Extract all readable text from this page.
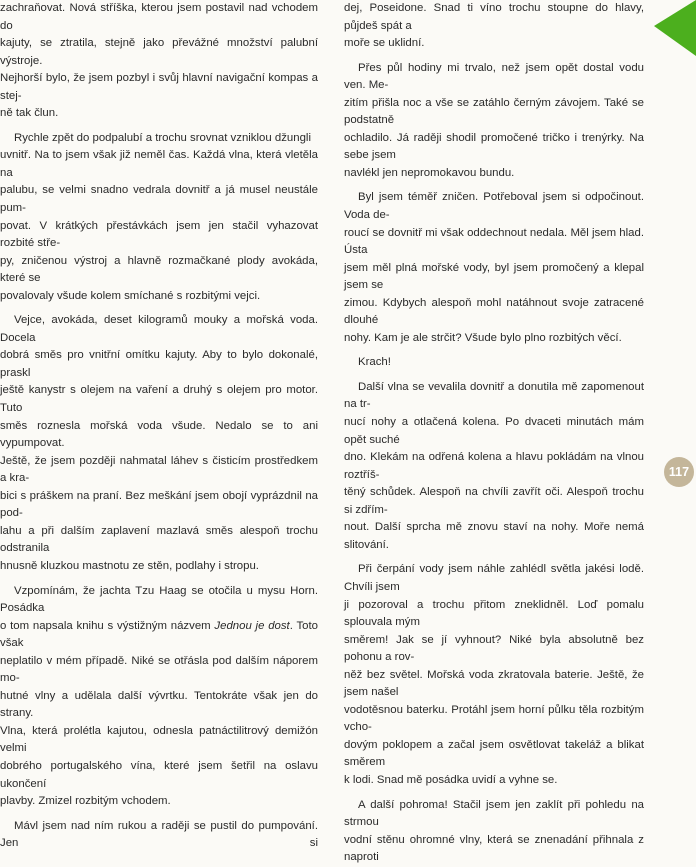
zachraňovat. Nová stříška, kterou jsem postavil nad vchodem do
kajuty, se ztratila, stejně jako převážné množství palubní výstroje.
Nejhorší bylo, že jsem pozbyl i svůj hlavní navigační kompas a stej-
ně tak člun.

Rychle zpět do podpalubí a trochu srovnat vzniklou džungli
uvnitř. Na to jsem však již neměl čas. Každá vlna, která vletěla na
palubu, se velmi snadno vedrala dovnitř a já musel neustále pum-
povat. V krátkých přestávkách jsem jen stačil vyhazovat rozbité stře-
py, zničenou výstroj a hlavně rozmačkané plody avokáda, které se
povalovaly všude kolem smíchané s rozbitými vejci.

Vejce, avokáda, deset kilogramů mouky a mořská voda. Docela
dobrá směs pro vnitřní omítku kajuty. Aby to bylo dokonalé, praskl
ještě kanystr s olejem na vaření a druhý s olejem pro motor. Tuto
směs roznesla mořská voda všude. Nedalo se to ani vypumpovat.
Ještě, že jsem později nahmatal láhev s čisticím prostředkem a kra-
bici s práškem na praní. Bez meškání jsem obojí vyprázdnil na pod-
lahu a při dalším zaplavení mazlavá směs alespoň trochu odstranila
hnusně kluzkou mastnotu ze stěn, podlahy i stropu.

Vzpomínám, že jachta Tzu Haag se otočila u mysu Horn. Posádka
o tom napsala knihu s výstižným názvem Jednou je dost. Toto však
neplatilo v mém případě. Niké se otřásla pod dalším náporem mo-
hutné vlny a udělala další vývrtku. Tentokráte však jen do strany.
Vlna, která prolétla kajutou, odnesla patnáctilitrový demižón velmi
dobrého portugalského vína, které jsem šetřil na oslavu ukončení
plavby. Zmizel rozbitým vchodem.

Mávl jsem nad ním rukou a raději se pustil do pumpování. Jen si

dej, Poseidone. Snad ti víno trochu stoupne do hlavy, půjdeš spát a
moře se uklidní.

Přes půl hodiny mi trvalo, než jsem opět dostal vodu ven. Me-
zitím přišla noc a vše se zatáhlo černým závojem. Také se podstatně
ochladilo. Já raději shodil promočené tričko i trenýrky. Na sebe jsem
navlékl jen nepromokavou bundu.

Byl jsem téměř zničen. Potřeboval jsem si odpočinout. Voda de-
roucí se dovnitř mi však oddechnout nedala. Měl jsem hlad. Ústa
jsem měl plná mořské vody, byl jsem promočený a klepal jsem se
zimou. Kdybych alespoň mohl natáhnout svoje zatracené dlouhé
nohy. Kam je ale strčit? Všude bylo plno rozbitých věcí.

Krach!

Další vlna se vevalila dovnitř a donutila mě zapomenout na tr-
nucí nohy a otlačená kolena. Po dvaceti minutách mám opět suché
dno. Klekám na odřená kolena a hlavu pokládám na vlnou roztříš-
těný schůdek. Alespoň na chvíli zavřít oči. Alespoň trochu si zdřím-
nout. Další sprcha mě znovu staví na nohy. Moře nemá slitování.

Při čerpání vody jsem náhle zahlédl světla jakési lodě. Chvíli jsem
ji pozoroval a trochu přitom zneklidněl. Loď pomalu splouvala mým
směrem! Jak se jí vyhnout? Niké byla absolutně bez pohonu a rov-
něž bez světel. Mořská voda zkratovala baterie. Ještě, že jsem našel
vodotěsnou baterku. Protáhl jsem horní půlku těla rozbitým vcho-
dovým poklopem a začal jsem osvětlovat takeláž a blikat směrem
k lodi. Snad mě posádka uvidí a vyhne se.

A další pohroma! Stačil jsem jen zaklít při pohledu na strmou
vodní stěnu ohromné vlny, která se znenadání přihnala z naproti

117
